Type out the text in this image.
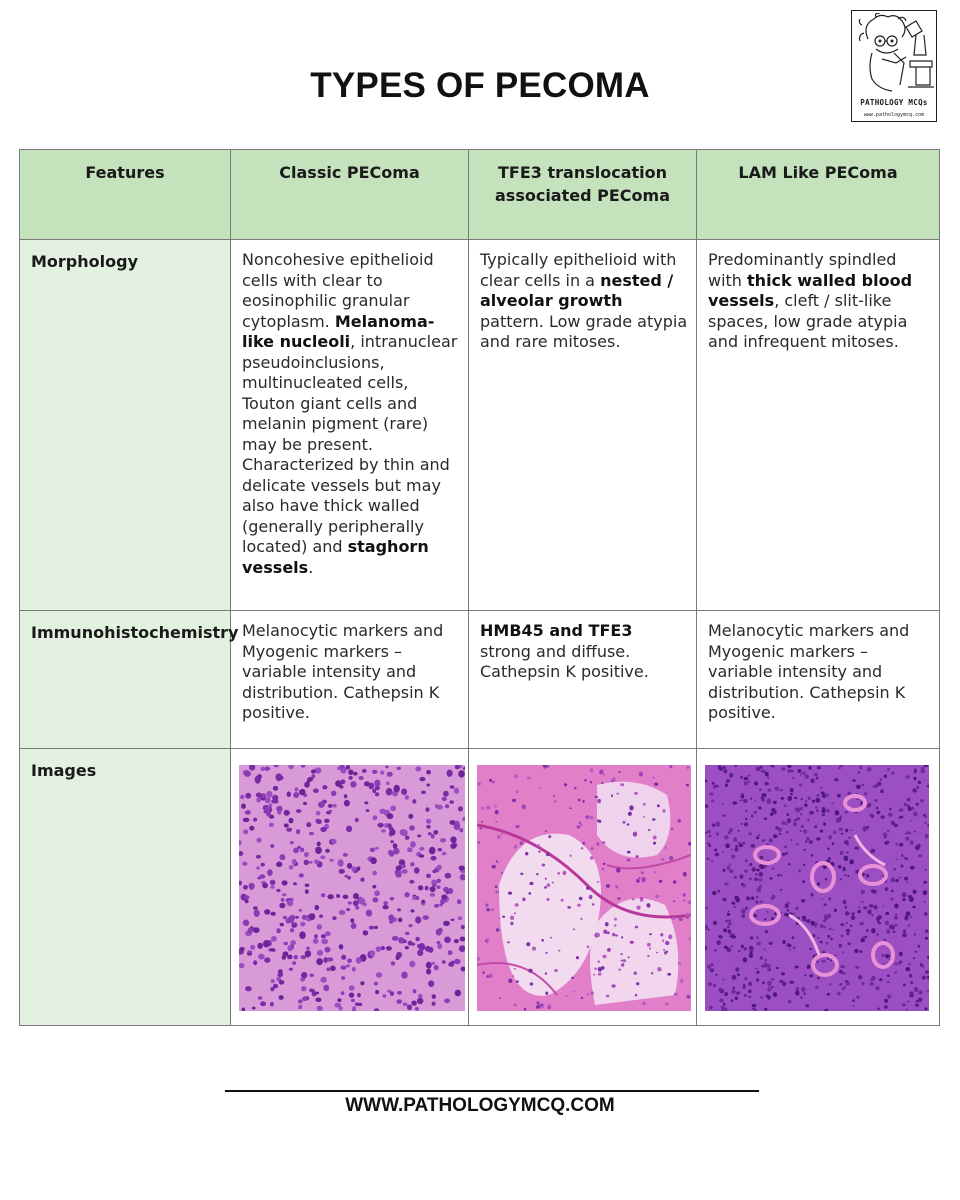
TYPES OF PECOMA	PATHOLOGY MCQs
www.pathologymcq.com
Features	Classic PEComa	TFE3 translocation associated PEComa	LAM Like PEComa
Morphology	Noncohesive epithelioid cells with clear to eosinophilic granular cytoplasm. Melanoma-like nucleoli, intranuclear pseudoinclusions, multinucleated cells, Touton giant cells and melanin pigment (rare) may be present. Characterized by thin and delicate vessels but may also have thick walled (generally peripherally located) and staghorn vessels.	Typically epithelioid with clear cells in a nested / alveolar growth pattern. Low grade atypia and rare mitoses.	Predominantly spindled with thick walled blood vessels, cleft / slit-like spaces, low grade atypia and infrequent mitoses.
Immunohistochemistry	Melanocytic markers and Myogenic markers – variable intensity and distribution. Cathepsin K positive.	HMB45 and TFE3 strong and diffuse. Cathepsin K positive.	Melanocytic markers and Myogenic markers – variable intensity and distribution. Cathepsin K positive.
Images	

WWW.PATHOLOGYMCQ.COM
